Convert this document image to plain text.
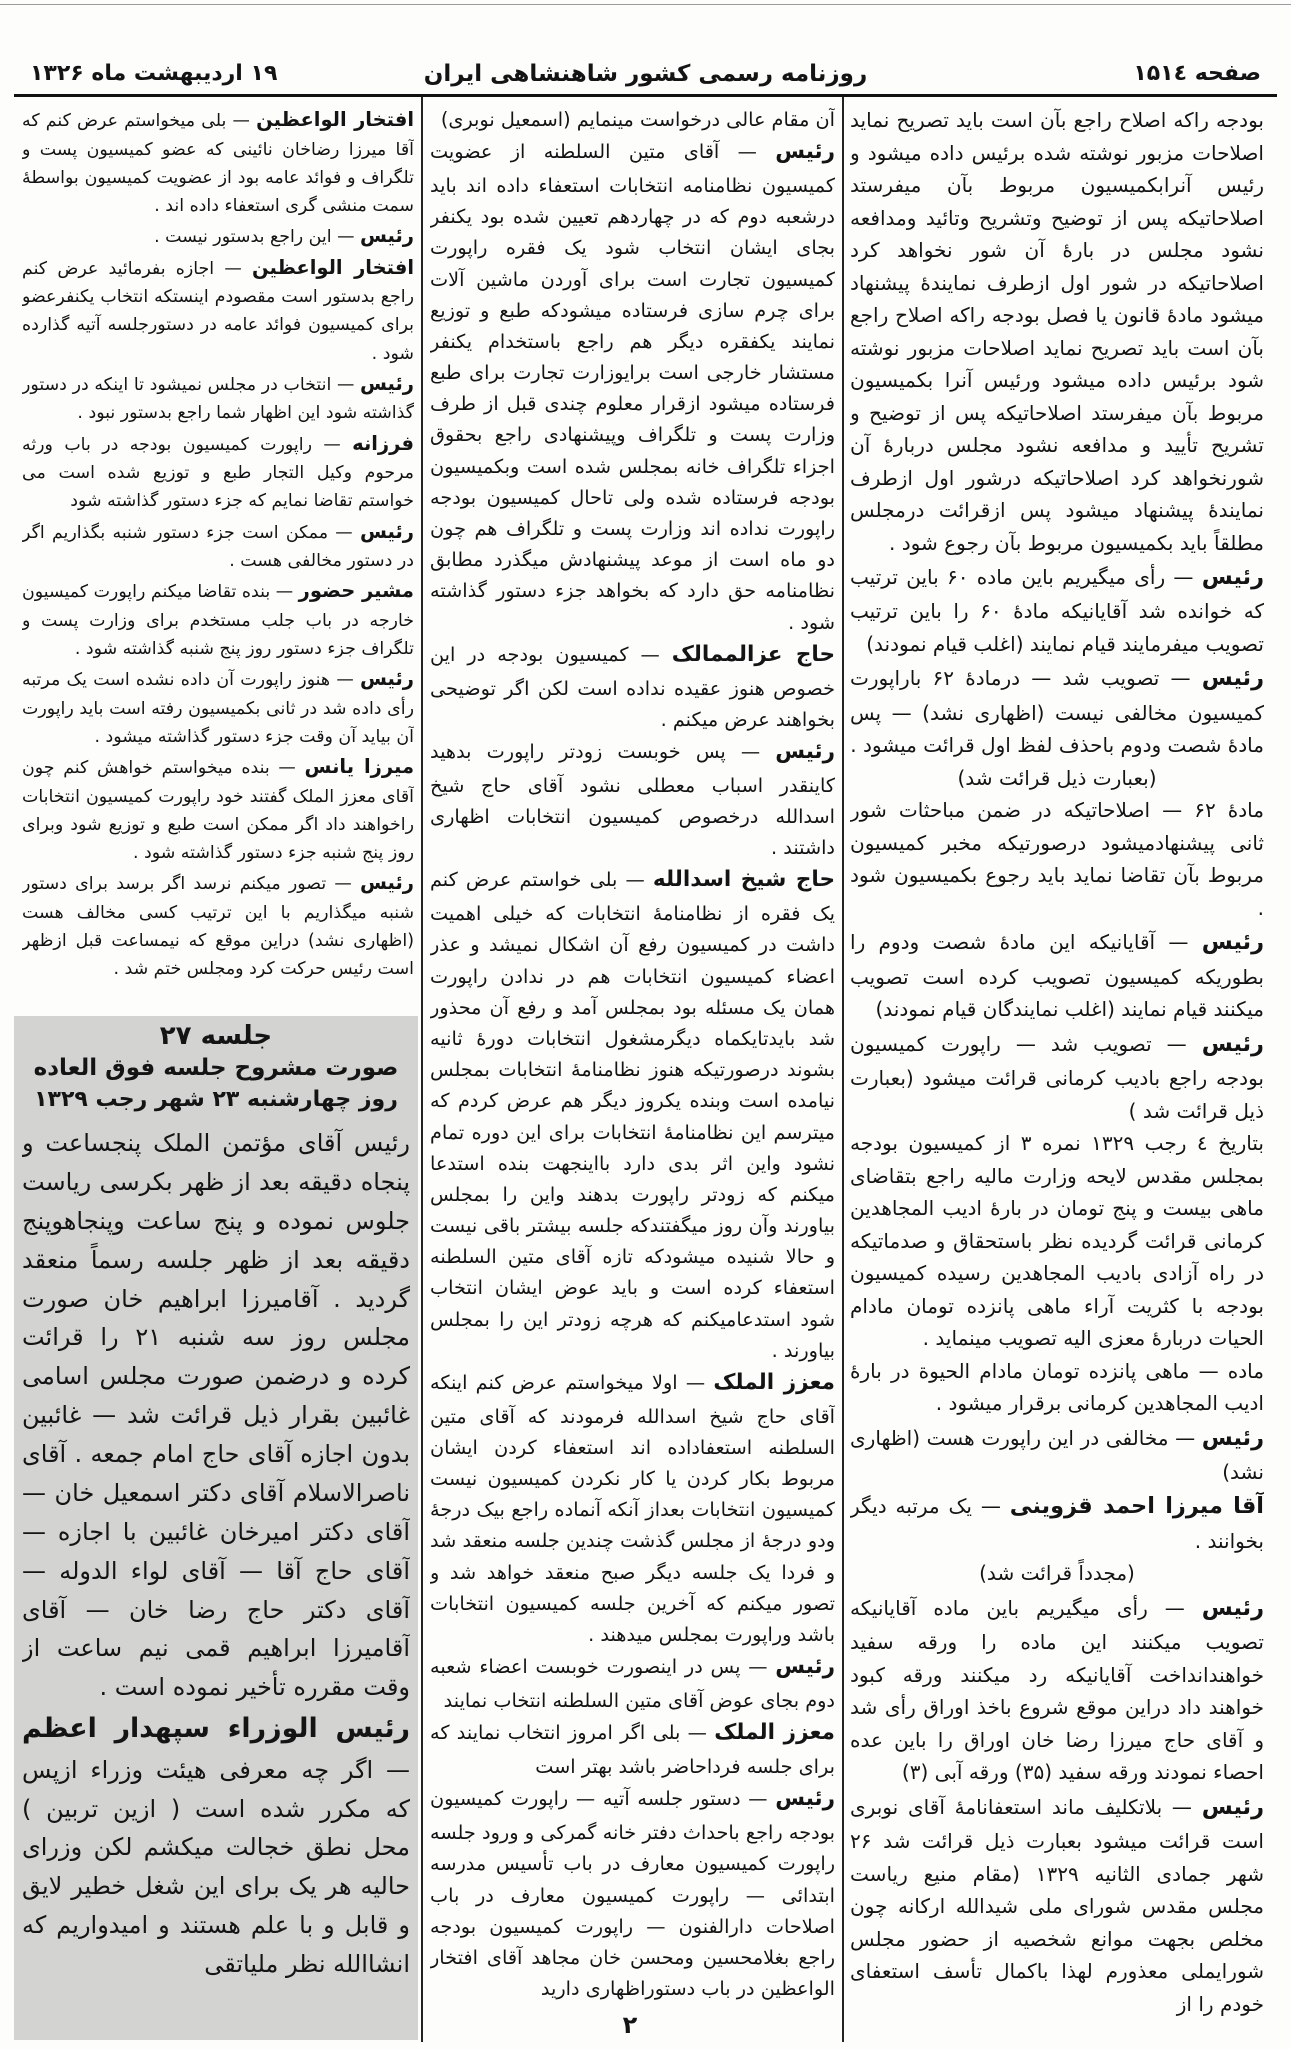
صفحه ۱۵۱٤
روزنامه رسمی کشور شاهنشاهی ایران
۱۹ اردیبهشت ماه ۱۳۲۶

بودجه راکه اصلاح راجع بآن است باید تصریح نماید اصلاحات مزبور نوشته شده برئیس داده میشود و رئیس آنرابکمیسیون مربوط بآن میفرستد اصلاحاتیکه پس از توضیح وتشریح وتائید ومدافعه نشود مجلس در بارهٔ آن شور نخواهد کرد اصلاحاتیکه در شور اول ازطرف نمایندهٔ پیشنهاد میشود مادهٔ قانون یا فصل بودجه راکه اصلاح راجع بآن است باید تصریح نماید اصلاحات مزبور نوشته شود برئیس داده میشود ورئیس آنرا بکمیسیون مربوط بآن میفرستد اصلاحاتیکه پس از توضیح و تشریح تأیید و مدافعه نشود مجلس دربارهٔ آن شورنخواهد کرد اصلاحاتیکه درشور اول ازطرف نمایندهٔ پیشنهاد میشود پس ازقرائت درمجلس مطلقاً باید بکمیسیون مربوط بآن رجوع شود .

رئیس — رأی میگیریم باین ماده ۶۰ باین ترتیب که خوانده شد آقایانیکه مادهٔ ۶۰ را باین ترتیب تصویب میفرمایند قیام نمایند (اغلب قیام نمودند)

رئیس — تصویب شد — درمادهٔ ۶۲ باراپورت کمیسیون مخالفی نیست (اظهاری نشد) — پس مادهٔ شصت ودوم باحذف لفظ اول قرائت میشود .

(بعبارت ذیل قرائت شد)

مادهٔ ۶۲ — اصلاحاتیکه در ضمن مباحثات شور ثانی پیشنهادمیشود درصورتیکه مخبر کمیسیون مربوط بآن تقاضا نماید باید رجوع بکمیسیون شود .

رئیس — آقایانیکه این مادهٔ شصت ودوم را بطوریکه کمیسیون تصویب کرده است تصویب میکنند قیام نمایند (اغلب نمایندگان قیام نمودند)

رئیس — تصویب شد — راپورت کمیسیون بودجه راجع بادیب کرمانی قرائت میشود (بعبارت ذیل قرائت شد )

بتاریخ ٤ رجب ۱۳۲۹ نمره ۳ از کمیسیون بودجه بمجلس مقدس لایحه وزارت مالیه راجع بتقاضای ماهی بیست و پنج تومان در بارهٔ ادیب المجاهدین کرمانی قرائت گردیده نظر باستحقاق و صدماتیکه در راه آزادی بادیب المجاهدین رسیده کمیسیون بودجه با کثریت آراء ماهی پانزده تومان مادام الحیات دربارهٔ معزی الیه تصویب مینماید .

ماده — ماهی پانزده تومان مادام الحیوة در بارهٔ ادیب المجاهدین کرمانی برقرار میشود .

رئیس — مخالفی در این راپورت هست (اظهاری نشد)

آقا میرزا احمد قزوینی — یک مرتبه دیگر بخوانند .

(مجدداً قرائت شد)

رئیس — رأی میگیریم باین ماده آقایانیکه تصویب میکنند این ماده را ورقه سفید خواهندانداخت آقایانیکه رد میکنند ورقه کبود خواهند داد دراین موقع شروع باخذ اوراق رأی شد و آقای حاج میرزا رضا خان اوراق را باین عده احصاء نمودند ورقه سفید (۳۵) ورقه آبی (۳)

رئیس — بلاتکلیف ماند استعفانامهٔ آقای نوبری است قرائت میشود بعبارت ذیل قرائت شد ۲۶ شهر جمادی الثانیه ۱۳۲۹ (مقام منیع ریاست مجلس مقدس شورای ملی شیدالله ارکانه چون مخلص بجهت موانع شخصیه از حضور مجلس شورایملی معذورم لهذا باکمال تأسف استعفای خودم را از

آن مقام عالی درخواست مینمایم (اسمعیل نوبری)

رئیس — آقای متین السلطنه از عضویت کمیسیون نظامنامه انتخابات استعفاء داده اند باید درشعبه دوم که در چهاردهم تعیین شده بود یکنفر بجای ایشان انتخاب شود یک فقره راپورت کمیسیون تجارت است برای آوردن ماشین آلات برای چرم سازی فرستاده میشودکه طبع و توزیع نمایند یکفقره دیگر هم راجع باستخدام یکنفر مستشار خارجی است برایوزارت تجارت برای طبع فرستاده میشود ازقرار معلوم چندی قبل از طرف وزارت پست و تلگراف وپیشنهادی راجع بحقوق اجزاء تلگراف خانه بمجلس شده است وبکمیسیون بودجه فرستاده شده ولی تاحال کمیسیون بودجه راپورت نداده اند وزارت پست و تلگراف هم چون دو ماه است از موعد پیشنهادش میگذرد مطابق نظامنامه حق دارد که بخواهد جزء دستور گذاشته شود .

حاج عزالممالک — کمیسیون بودجه در این خصوص هنوز عقیده نداده است لکن اگر توضیحی بخواهند عرض میکنم .

رئیس — پس خوبست زودتر راپورت بدهید کاینقدر اسباب معطلی نشود آقای حاج شیخ اسدالله درخصوص کمیسیون انتخابات اظهاری داشتند .

حاج شیخ اسدالله — بلی خواستم عرض کنم یک فقره از نظامنامهٔ انتخابات که خیلی اهمیت داشت در کمیسیون رفع آن اشکال نمیشد و عذر اعضاء کمیسیون انتخابات هم در ندادن راپورت همان یک مسئله بود بمجلس آمد و رفع آن محذور شد بایدتایکماه دیگرمشغول انتخابات دورهٔ ثانیه بشوند درصورتیکه هنوز نظامنامهٔ انتخابات بمجلس نیامده است وبنده یکروز دیگر هم عرض کردم که میترسم این نظامنامهٔ انتخابات برای این دوره تمام نشود واین اثر بدی دارد بااینجهت بنده استدعا میکنم که زودتر راپورت بدهند واین را بمجلس بیاورند وآن روز میگفتندکه جلسه بیشتر باقی نیست و حالا شنیده میشودکه تازه آقای متین السلطنه استعفاء کرده است و باید عوض ایشان انتخاب شود استدعامیکنم که هرچه زودتر این را بمجلس بیاورند .

معزز الملک — اولا میخواستم عرض کنم اینکه آقای حاج شیخ اسدالله فرمودند که آقای متین السلطنه استعفاداده اند استعفاء کردن ایشان مربوط بکار کردن یا کار نکردن کمیسیون نیست کمیسیون انتخابات بعداز آنکه آنماده راجع بیک درجهٔ ودو درجهٔ از مجلس گذشت چندین جلسه منعقد شد و فردا یک جلسه دیگر صبح منعقد خواهد شد و تصور میکنم که آخرین جلسه کمیسیون انتخابات باشد وراپورت بمجلس میدهند .

رئیس — پس در اینصورت خوبست اعضاء شعبه دوم بجای عوض آقای متین السلطنه انتخاب نمایند

معزز الملک — بلی اگر امروز انتخاب نمایند که برای جلسه فرداحاضر باشد بهتر است

رئیس — دستور جلسه آتیه — راپورت کمیسیون بودجه راجع باحداث دفتر خانه گمرکی و ورود جلسه راپورت کمیسیون معارف در باب تأسیس مدرسه ابتدائی — راپورت کمیسیون معارف در باب اصلاحات دارالفنون — راپورت کمیسیون بودجه راجع بغلامحسین ومحسن خان مجاهد آقای افتخار الواعظین در باب دستوراظهاری دارید

افتخار الواعظین — بلی میخواستم عرض کنم که آقا میرزا رضاخان نائینی که عضو کمیسیون پست و تلگراف و فوائد عامه بود از عضویت کمیسیون بواسطهٔ سمت منشی گری استعفاء داده اند .

رئیس — این راجع بدستور نیست .

افتخار الواعظین — اجازه بفرمائید عرض کنم راجع بدستور است مقصودم اینستکه انتخاب یکنفرعضو برای کمیسیون فوائد عامه در دستورجلسه آتیه گذارده شود .

رئیس — انتخاب در مجلس نمیشود تا اینکه در دستور گذاشته شود این اظهار شما راجع بدستور نبود .

فرزانه — راپورت کمیسیون بودجه در باب ورثه مرحوم وکیل التجار طبع و توزیع شده است می خواستم تقاضا نمایم که جزء دستور گذاشته شود

رئیس — ممکن است جزء دستور شنبه بگذاریم اگر در دستور مخالفی هست .

مشیر حضور — بنده تقاضا میکنم راپورت کمیسیون خارجه در باب جلب مستخدم برای وزارت پست و تلگراف جزء دستور روز پنج شنبه گذاشته شود .

رئیس — هنوز راپورت آن داده نشده است یک مرتبه رأی داده شد در ثانی بکمیسیون رفته است باید راپورت آن بیاید آن وقت جزء دستور گذاشته میشود .

میرزا یانس — بنده میخواستم خواهش کنم چون آقای معزز الملک گفتند خود راپورت کمیسیون انتخابات راخواهند داد اگر ممکن است طبع و توزیع شود وبرای روز پنج شنبه جزء دستور گذاشته شود .

رئیس — تصور میکنم نرسد اگر برسد برای دستور شنبه میگذاریم با این ترتیب کسی مخالف هست (اظهاری نشد) دراین موقع که نیمساعت قبل ازظهر است رئیس حرکت کرد ومجلس ختم شد .

جلسه ۲۷
صورت مشروح جلسه فوق العاده
روز چهارشنبه ۲۳ شهر رجب ۱۳۲۹

رئیس آقای مؤتمن الملک پنجساعت و پنجاه دقیقه بعد از ظهر بکرسی ریاست جلوس نموده و پنج ساعت وپنجاهوپنج دقیقه بعد از ظهر جلسه رسماً منعقد گردید . آقامیرزا ابراهیم خان صورت مجلس روز سه شنبه ۲۱ را قرائت کرده و درضمن صورت مجلس اسامی غائبین بقرار ذیل قرائت شد — غائبین بدون اجازه آقای حاج امام جمعه . آقای ناصرالاسلام آقای دکتر اسمعیل خان — آقای دکتر امیرخان غائبین با اجازه — آقای حاج آقا — آقای لواء الدوله — آقای دکتر حاج رضا خان — آقای آقامیرزا ابراهیم قمی نیم ساعت از وقت مقرره تأخیر نموده است .

رئیس الوزراء سپهدار اعظم — اگر چه معرفی هیئت وزراء ازپس که مکرر شده است ( ازین تربین ) محل نطق خجالت میکشم لکن وزرای حالیه هر یک برای این شغل خطیر لایق و قابل و با علم هستند و امیدواریم که انشاالله نظر ملیاتقی

۲
